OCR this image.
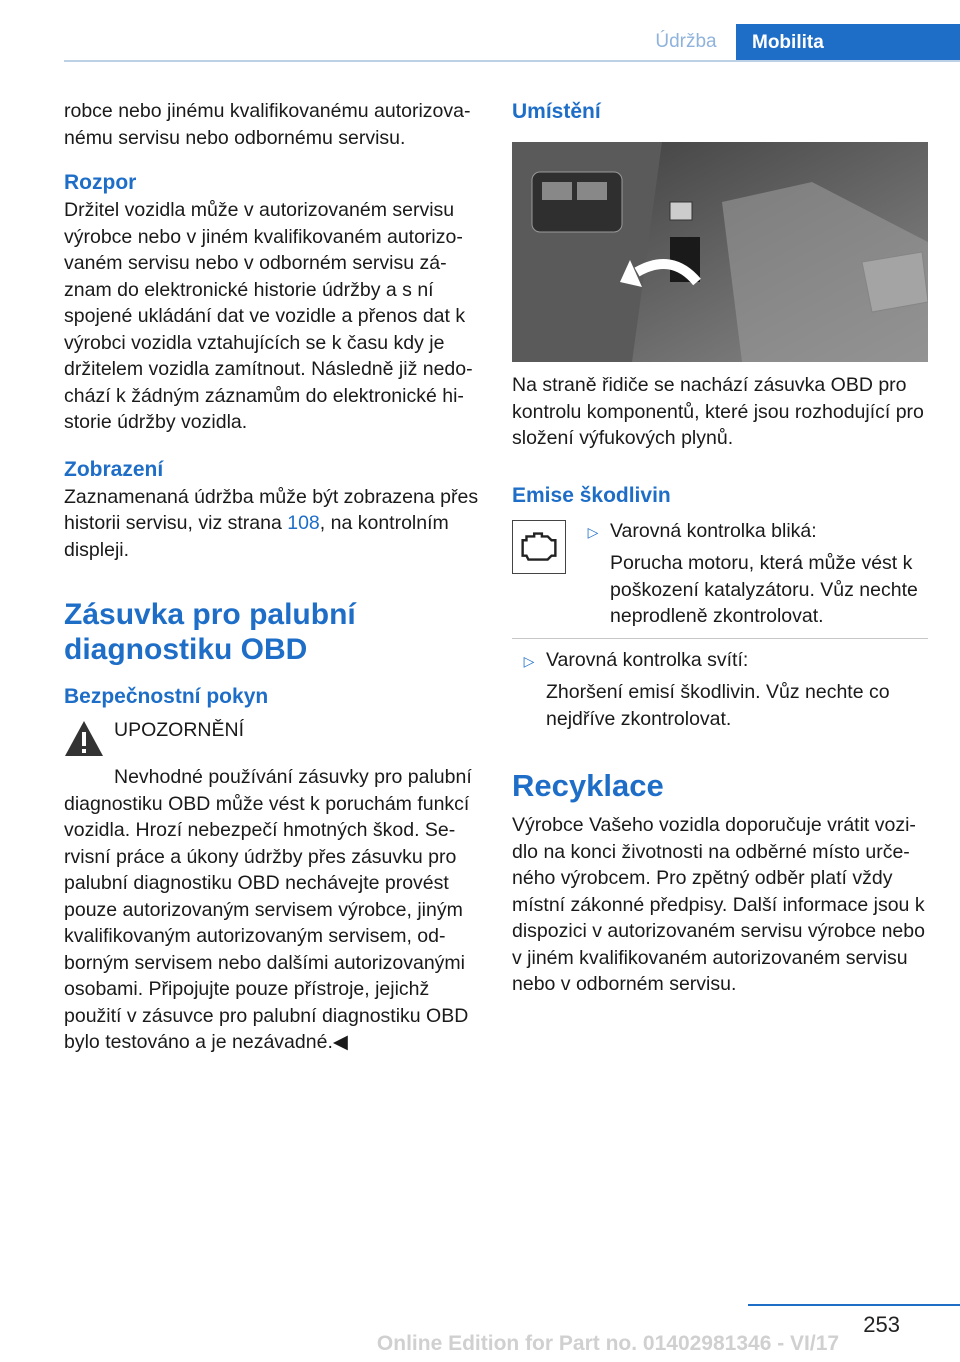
Údržba	Mobilita

robce nebo jinému kvalifikovanému autorizova-nému servisu nebo odbornému servisu.

Rozpor

Držitel vozidla může v autorizovaném servisu výrobce nebo v jiném kvalifikovaném autorizo-vaném servisu nebo v odborném servisu zá-znam do elektronické historie údržby a s ní spojené ukládání dat ve vozidle a přenos dat k výrobci vozidla vztahujících se k času kdy je držitelem vozidla zamítnout. Následně již nedo-chází k žádným záznamům do elektronické hi-storie údržby vozidla.

Zobrazení

Zaznamenaná údržba může být zobrazena přes historii servisu, viz strana 108, na kontrolním displeji.

Zásuvka pro palubní diagnostiku OBD

Bezpečnostní pokyn

UPOZORNĚNÍ

Nevhodné používání zásuvky pro palubní diagnostiku OBD může vést k poruchám funkcí vozidla. Hrozí nebezpečí hmotných škod. Se-rvisní práce a úkony údržby přes zásuvku pro palubní diagnostiku OBD nechávejte provést pouze autorizovaným servisem výrobce, jiným kvalifikovaným autorizovaným servisem, od-borným servisem nebo dalšími autorizovanými osobami. Připojujte pouze přístroje, jejichž použití v zásuvce pro palubní diagnostiku OBD bylo testováno a je nezávadné.◀

Umístění

Na straně řidiče se nachází zásuvka OBD pro kontrolu komponentů, které jsou rozhodující pro složení výfukových plynů.

Emise škodlivin

▷ Varovná kontrolka bliká:

Porucha motoru, která může vést k poškození katalyzátoru. Vůz nechte neprodleně zkontrolovat.

▷ Varovná kontrolka svítí:

Zhoršení emisí škodlivin. Vůz nechte co nejdříve zkontrolovat.

Recyklace

Výrobce Vašeho vozidla doporučuje vrátit vozi-dlo na konci životnosti na odběrné místo urče-ného výrobcem. Pro zpětný odběr platí vždy místní zákonné předpisy. Další informace jsou k dispozici v autorizovaném servisu výrobce nebo v jiném kvalifikovaném autorizovaném servisu nebo v odborném servisu.

253
Online Edition for Part no. 01402981346 - VI/17
